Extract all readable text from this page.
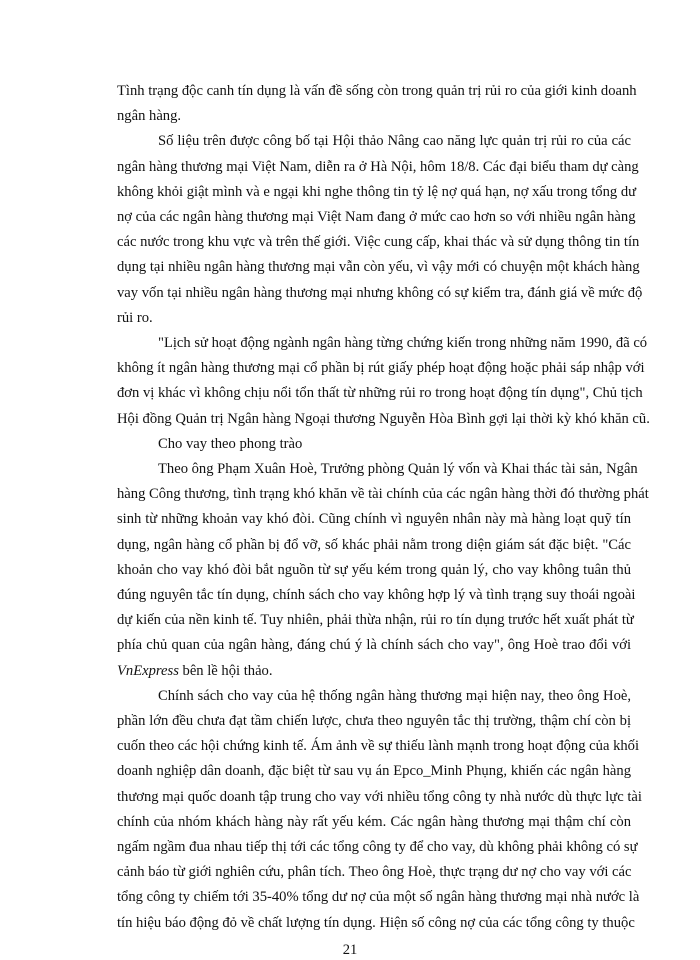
Tình trạng độc canh tín dụng là vấn đề sống còn trong quản trị rủi ro của giới kinh doanh
ngân hàng.
Số liệu trên được công bố tại Hội thảo Nâng cao năng lực quản trị rủi ro của các
ngân hàng thương mại Việt Nam, diễn ra ở Hà Nội, hôm 18/8. Các đại biểu tham dự càng
không khỏi giật mình và e ngại khi nghe thông tin tỷ lệ nợ quá hạn, nợ xấu trong tổng dư
nợ của các ngân hàng thương mại Việt Nam đang ở mức cao hơn so với nhiều ngân hàng
các nước trong khu vực và trên thế giới. Việc cung cấp, khai thác và sử dụng thông tin tín
dụng tại nhiều ngân hàng thương mại vẫn còn yếu, vì vậy mới có chuyện một khách hàng
vay vốn tại nhiều ngân hàng thương mại nhưng không có sự kiểm tra, đánh giá về mức độ
rủi ro.
"Lịch sử hoạt động ngành ngân hàng từng chứng kiến trong những năm 1990, đã có
không ít ngân hàng thương mại cổ phần bị rút giấy phép hoạt động hoặc phải sáp nhập với
đơn vị khác vì không chịu nổi tổn thất từ những rủi ro trong hoạt động tín dụng", Chủ tịch
Hội đồng Quản trị Ngân hàng Ngoại thương Nguyễn Hòa Bình gợi lại thời kỳ khó khăn cũ.
Cho vay theo phong trào
Theo ông Phạm Xuân Hoè, Trưởng phòng Quản lý vốn và Khai thác tài sản, Ngân
hàng Công thương, tình trạng khó khăn về tài chính của các ngân hàng thời đó thường phát
sinh từ những khoản vay khó đòi. Cũng chính vì nguyên nhân này mà hàng loạt quỹ tín
dụng, ngân hàng cổ phần bị đổ vỡ, số khác phải nằm trong diện giám sát đặc biệt. "Các
khoản cho vay khó đòi bắt nguồn từ sự yếu kém trong quản lý, cho vay không tuân thủ
đúng nguyên tắc tín dụng, chính sách cho vay không hợp lý và tình trạng suy thoái ngoài
dự kiến của nền kinh tế. Tuy nhiên, phải thừa nhận, rủi ro tín dụng trước hết xuất phát từ
phía chủ quan của ngân hàng, đáng chú ý là chính sách cho vay", ông Hoè trao đổi với
VnExpress bên lề hội thảo.
Chính sách cho vay của hệ thống ngân hàng thương mại hiện nay, theo ông Hoè,
phần lớn đều chưa đạt tầm chiến lược, chưa theo nguyên tắc thị trường, thậm chí còn bị
cuốn theo các hội chứng kinh tế. Ám ảnh về sự thiếu lành mạnh trong hoạt động của khối
doanh nghiệp dân doanh, đặc biệt từ sau vụ án Epco_Minh Phụng, khiến các ngân hàng
thương mại quốc doanh tập trung cho vay với nhiều tổng công ty nhà nước dù thực lực tài
chính của nhóm khách hàng này rất yếu kém. Các ngân hàng thương mại thậm chí còn
ngấm ngầm đua nhau tiếp thị tới các tổng công ty để cho vay, dù không phải không có sự
cảnh báo từ giới nghiên cứu, phân tích. Theo ông Hoè, thực trạng dư nợ cho vay với các
tổng công ty chiếm tới 35-40% tổng dư nợ của một số ngân hàng thương mại nhà nước là
tín hiệu báo động đỏ về chất lượng tín dụng. Hiện số công nợ của các tổng công ty thuộc
21
